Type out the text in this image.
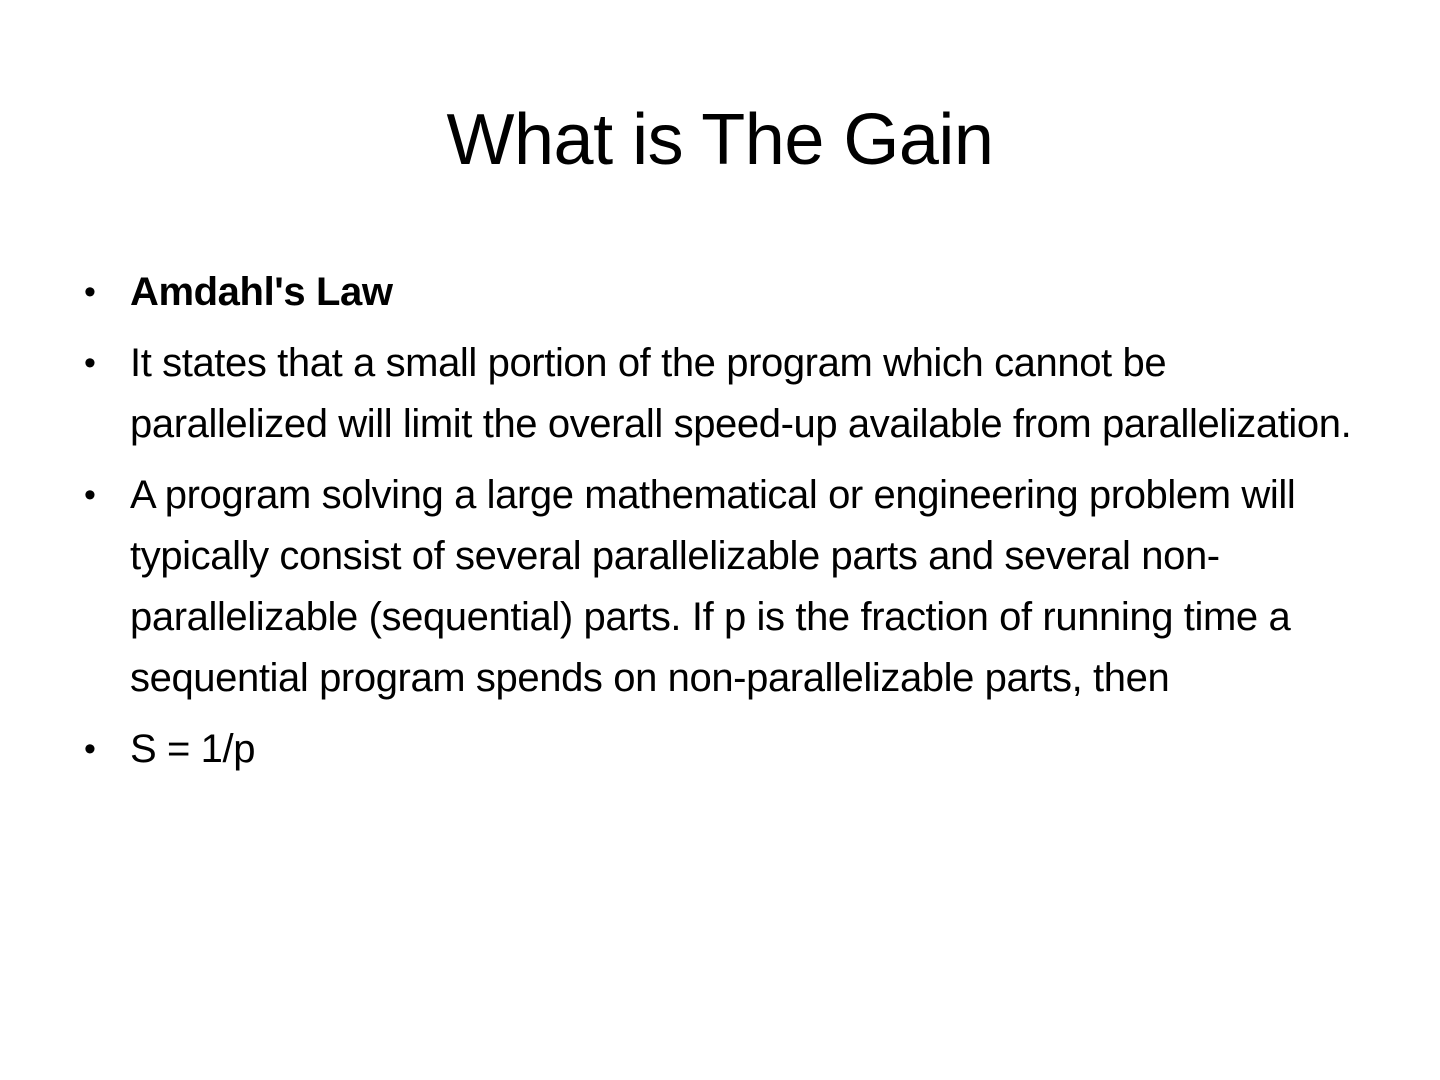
What is The Gain
• Amdahl's Law
• It states that a small portion of the program which cannot be parallelized will limit the overall speed-up available from parallelization.
• A program solving a large mathematical or engineering problem will typically consist of several parallelizable parts and several non-parallelizable (sequential) parts. If p is the fraction of running time a sequential program spends on non-parallelizable parts, then
• S = 1/p
